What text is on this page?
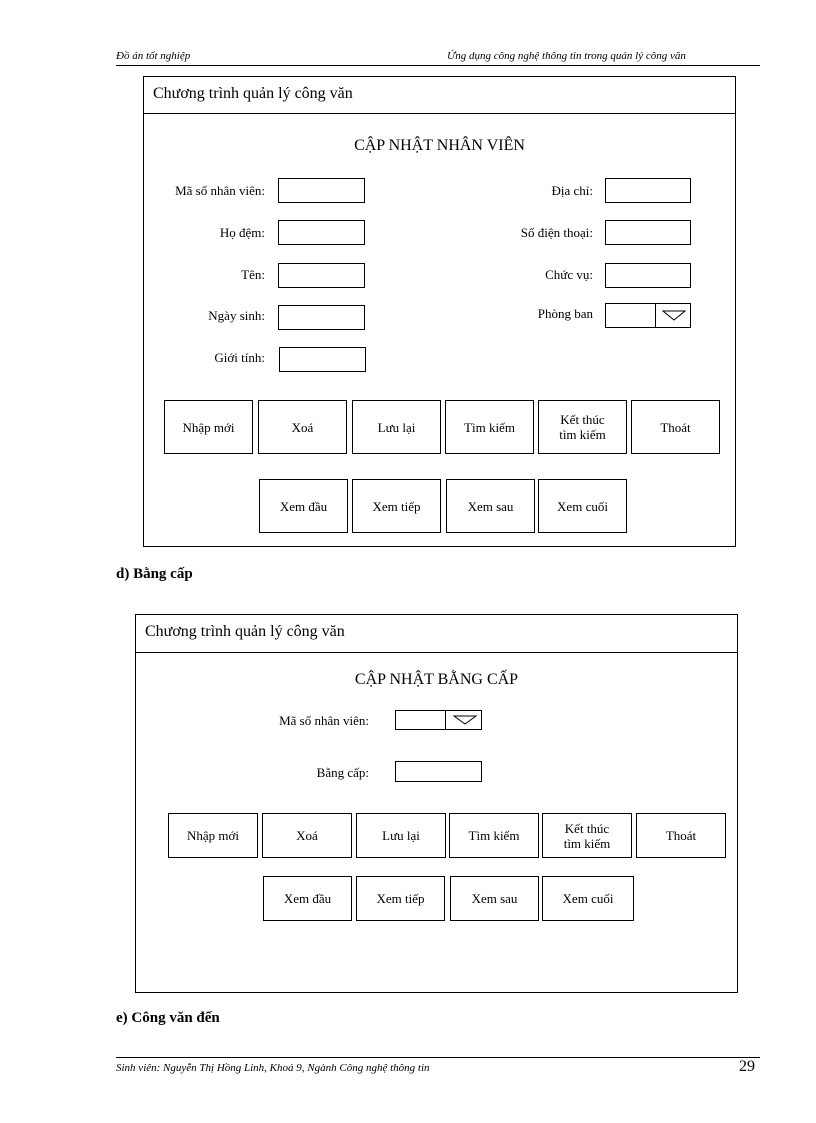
Đồ án tốt nghiệp	Ứng dụng công nghệ thông tin trong quản lý công văn
Chương trình quản lý công văn
CẬP NHẬT NHÂN VIÊN
Mã số nhân viên:
Họ đệm:
Tên:
Ngày sinh:
Giới tính:
Địa chỉ:
Số điện thoại:
Chức vụ:
Phòng ban
Nhập mới	Xoá	Lưu lại	Tìm kiếm	Kết thúc
tìm kiếm	Thoát
Xem đầu	Xem tiếp	Xem sau	Xem cuối
d) Bằng cấp
Chương trình quản lý công văn
CẬP NHẬT BẰNG CẤP
Mã số nhân viên:
Bằng cấp:
Nhập mới	Xoá	Lưu lại	Tìm kiếm	Kết thúc
tìm kiếm	Thoát
Xem đầu	Xem tiếp	Xem sau	Xem cuối
e) Công văn đến
Sinh viên: Nguyễn Thị Hồng Linh, Khoá 9, Ngành Công nghệ thông tin	29
